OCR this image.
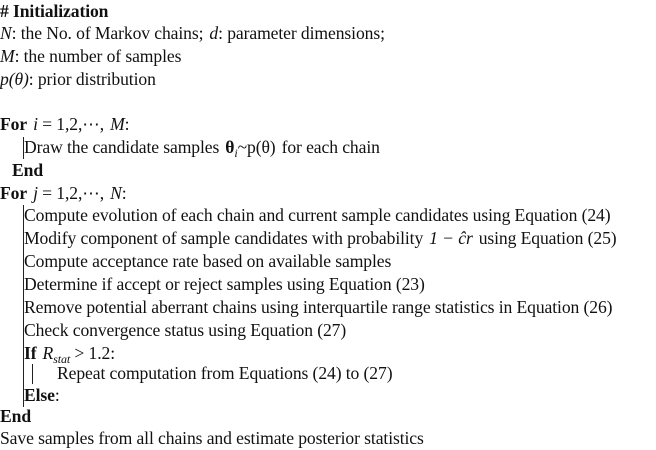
# Initialization
N: the No. of Markov chains; d: parameter dimensions;
M: the number of samples
p(θ): prior distribution
For i = 1,2,⋯, M:
Draw the candidate samples $\theta_i\sim p(\theta)$ for each chain
End
For j = 1,2,⋯, N:
Compute evolution of each chain and current sample candidates using Equation (24)
Modify component of sample candidates with probability 1 − ĉr using Equation (25)
Compute acceptance rate based on available samples
Determine if accept or reject samples using Equation (23)
Remove potential aberrant chains using interquartile range statistics in Equation (26)
Check convergence status using Equation (27)
If $R_{stat} > 1.2$:
Repeat computation from Equations (24) to (27)
Else:
End
Save samples from all chains and estimate posterior statistics
